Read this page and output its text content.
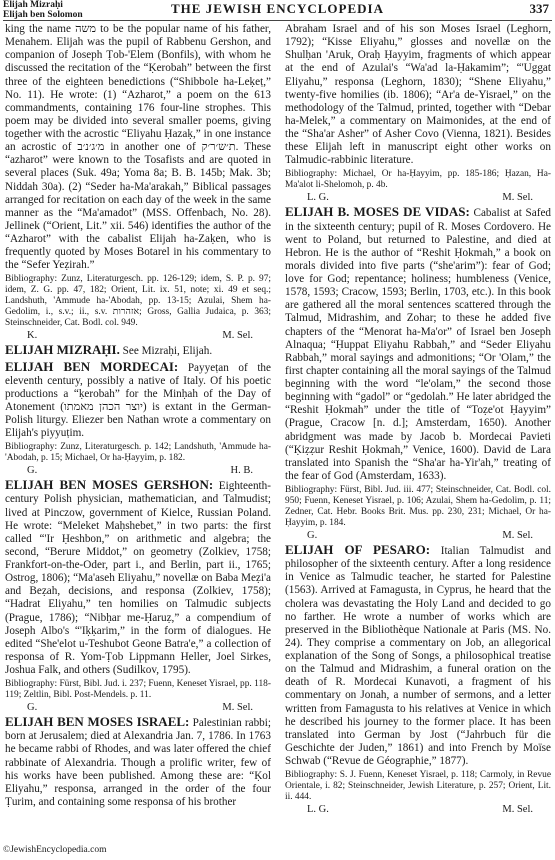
Elijah Mizraḥi
Elijah ben Solomon	THE JEWISH ENCYCLOPEDIA	337

king the name משה to be the popular name of his father, Menahem. Elijah was the pupil of Rabbenu Gershon, and companion of Joseph Ṭob-'Elem (Bonfils), with whom he discussed the recitation of the “Ḳerobah” between the first three of the eighteen benedictions (“Shibbole ha-Leḳeṭ,” No. 11). He wrote: (1) “Azharot,” a poem on the 613 commandments, containing 176 four-line strophes. This poem may be divided into several smaller poems, giving together with the acrostic “Eliyahu Ḥazaḳ,” in one instance an acrostic of מ׳ג׳נ׳ב in another one of ת׳ש׳ר׳ק. These “azharot” were known to the Tosafists and are quoted in several places (Suk. 49a; Yoma 8a; B. B. 145b; Mak. 3b; Niddah 30a). (2) “Seder ha-Ma'arakah,” Biblical passages arranged for recitation on each day of the week in the same manner as the “Ma'amadot” (MSS. Offenbach, No. 28). Jellinek (“Orient, Lit.” xii. 546) identifies the author of the “Azharot” with the cabalist Elijah ha-Zaḳen, who is frequently quoted by Moses Botarel in his commentary to the “Sefer Yeẓirah.”

Bibliography: Zunz, Literaturgesch. pp. 126-129; idem, S. P. p. 97; idem, Z. G. pp. 47, 182; Orient, Lit. ix. 51, note; xi. 49 et seq.; Landshuth, 'Ammude ha-'Abodah, pp. 13-15; Azulai, Shem ha-Gedolim, i., s.v.; ii., s.v. אזהרות; Gross, Gallia Judaica, p. 363; Steinschneider, Cat. Bodl. col. 949.

K.	M. Sel.

ELIJAH MIZRAḤI. See Mizraḥi, Elijah.

ELIJAH BEN MORDECAI: Payyeṭan of the eleventh century, possibly a native of Italy. Of his poetic productions a “ḳerobah” for the Minḥah of the Day of Atonement (יוצר הכהן מאמתו) is extant in the German-Polish liturgy. Eliezer ben Nathan wrote a commentary on Elijah's piyyuṭim.

Bibliography: Zunz, Literaturgesch. p. 142; Landshuth, 'Ammude ha-'Abodah, p. 15; Michael, Or ha-Ḥayyim, p. 182.

G.	H. B.

ELIJAH BEN MOSES GERSHON: Eighteenth-century Polish physician, mathematician, and Talmudist; lived at Pinczow, government of Kielce, Russian Poland. He wrote: “Meleket Maḥshebet,” in two parts: the first called “'Ir Ḥeshbon,” on arithmetic and algebra; the second, “Berure Middot,” on geometry (Zolkiev, 1758; Frankfort-on-the-Oder, part i., and Berlin, part ii., 1765; Ostrog, 1806); “Ma'aseh Eliyahu,” novellæ on Baba Meẓi'a and Beẓah, decisions, and responsa (Zolkiev, 1758); “Hadrat Eliyahu,” ten homilies on Talmudic subjects (Prague, 1786); “Nibḥar me-Ḥaruẓ,” a compendium of Joseph Albo's “'Iḳḳarim,” in the form of dialogues. He edited “She'elot u-Teshubot Geone Batra'e,” a collection of responsa of R. Yom-Ṭob Lippmann Heller, Joel Sirkes, Joshua Falk, and others (Sudilkov, 1795).

Bibliography: Fürst, Bibl. Jud. i. 237; Fuenn, Keneset Yisrael, pp. 118-119; Zeltlin, Bibl. Post-Mendels. p. 11.

G.	M. Sel.

ELIJAH BEN MOSES ISRAEL: Palestinian rabbi; born at Jerusalem; died at Alexandria Jan. 7, 1786. In 1763 he became rabbi of Rhodes, and was later offered the chief rabbinate of Alexandria. Though a prolific writer, few of his works have been published. Among these are: “Ḳol Eliyahu,” responsa, arranged in the order of the four Ṭurim, and containing some responsa of his brother

Abraham Israel and of his son Moses Israel (Leghorn, 1792); “Kisse Eliyahu,” glosses and novellæ on the Shulḥan 'Aruk, Oraḥ Ḥayyim, fragments of which appear at the end of Azulai's “Wa'ad la-Ḥakamim”; “'Uggat Eliyahu,” responsa (Leghorn, 1830); “Shene Eliyahu,” twenty-five homilies (ib. 1806); “Ar'a de-Yisrael,” on the methodology of the Talmud, printed, together with “Debar ha-Melek,” a commentary on Maimonides, at the end of the “Sha'ar Asher” of Asher Covo (Vienna, 1821). Besides these Elijah left in manuscript eight other works on Talmudic-rabbinic literature.

Bibliography: Michael, Or ha-Ḥayyim, pp. 185-186; Ḥazan, Ha-Ma'alot li-Shelomoh, p. 4b.

L. G.	M. Sel.

ELIJAH B. MOSES DE VIDAS: Cabalist at Safed in the sixteenth century; pupil of R. Moses Cordovero. He went to Poland, but returned to Palestine, and died at Hebron. He is the author of “Reshit Ḥokmah,” a book on morals divided into five parts (“she'arim”): fear of God; love for God; repentance; holiness; humbleness (Venice, 1578, 1593; Cracow, 1593; Berlin, 1703, etc.). In this book are gathered all the moral sentences scattered through the Talmud, Midrashim, and Zohar; to these he added five chapters of the “Menorat ha-Ma'or” of Israel ben Joseph Alnaqua; “Ḥuppat Eliyahu Rabbah,” and “Seder Eliyahu Rabbah,” moral sayings and admonitions; “Or 'Olam,” the first chapter containing all the moral sayings of the Talmud beginning with the word “le'olam,” the second those beginning with “gadol” or “gedolah.” He later abridged the “Reshit Ḥokmah” under the title of “Toẓe'ot Ḥayyim” (Prague, Cracow [n. d.]; Amsterdam, 1650). Another abridgment was made by Jacob b. Mordecai Pavieti (“Ḳiẓẓur Reshit Ḥokmah,” Venice, 1600). David de Lara translated into Spanish the “Sha'ar ha-Yir'ah,” treating of the fear of God (Amsterdam, 1633).

Bibliography: Fürst, Bibl. Jud. iii. 477; Steinschneider, Cat. Bodl. col. 950; Fuenn, Keneset Yisrael, p. 106; Azulai, Shem ha-Gedolim, p. 11; Zedner, Cat. Hebr. Books Brit. Mus. pp. 230, 231; Michael, Or ha-Ḥayyim, p. 184.

G.	M. Sel.

ELIJAH OF PESARO: Italian Talmudist and philosopher of the sixteenth century. After a long residence in Venice as Talmudic teacher, he started for Palestine (1563). Arrived at Famagusta, in Cyprus, he heard that the cholera was devastating the Holy Land and decided to go no farther. He wrote a number of works which are preserved in the Bibliothèque Nationale at Paris (MS. No. 24). They comprise a commentary on Job, an allegorical explanation of the Song of Songs, a philosophical treatise on the Talmud and Midrashim, a funeral oration on the death of R. Mordecai Kunavoti, a fragment of his commentary on Jonah, a number of sermons, and a letter written from Famagusta to his relatives at Venice in which he described his journey to the former place. It has been translated into German by Jost (“Jahrbuch für die Geschichte der Juden,” 1861) and into French by Moïse Schwab (“Revue de Géographie,” 1877).

Bibliography: S. J. Fuenn, Keneset Yisrael, p. 118; Carmoly, in Revue Orientale, i. 82; Steinschneider, Jewish Literature, p. 257; Orient, Lit. ii. 444.

L. G.	M. Sel.
©JewishEncyclopedia.com
